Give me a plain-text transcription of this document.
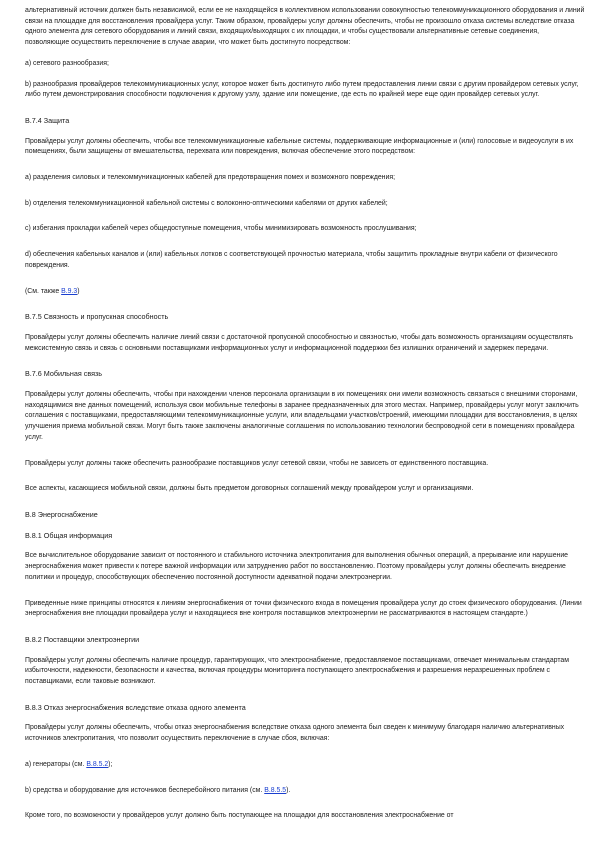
альтернативный источник должен быть независимой, если ее не находящейся в коллективном использовании совокупностью телекоммуникационного оборудования и линий связи на площадке для восстановления провайдера услуг. Таким образом, провайдеры услуг должны обеспечить, чтобы не произошло отказа системы вследствие отказа одного элемента для сетевого оборудования и линий связи, входящих/выходящих с их площадки, и чтобы существовали альтернативные сетевые соединения, позволяющие осуществить переключение в случае аварии, что может быть достигнуто посредством:

a) сетевого разнообразия;

b) разнообразия провайдеров телекоммуникационных услуг, которое может быть достигнуто либо путем предоставления линии связи с другим провайдером сетевых услуг, либо путем демонстрирования способности подключения к другому узлу, здание или помещение, где есть по крайней мере еще один провайдер сетевых услуг.

B.7.4 Защита

Провайдеры услуг должны обеспечить, чтобы все телекоммуникационные кабельные системы, поддерживающие информационные и (или) голосовые и видеоуслуги в их помещениях, были защищены от вмешательства, перехвата или повреждения, включая обеспечение этого посредством:

a) разделения силовых и телекоммуникационных кабелей для предотвращения помех и возможного повреждения;

b) отделения телекоммуникационной кабельной системы с волоконно-оптическими кабелями от других кабелей;

c) избегания прокладки кабелей через общедоступные помещения, чтобы минимизировать возможность прослушивания;

d) обеспечения кабельных каналов и (или) кабельных лотков с соответствующей прочностью материала, чтобы защитить прокладные внутри кабели от физического повреждения.

(См. также B.9.3)

B.7.5 Связность и пропускная способность

Провайдеры услуг должны обеспечить наличие линий связи с достаточной пропускной способностью и связностью, чтобы дать возможность организациям осуществлять межсистемную связь и связь с основными поставщиками информационных услуг и информационной поддержки без излишних ограничений и задержек передачи.

B.7.6 Мобильная связь

Провайдеры услуг должны обеспечить, чтобы при нахождении членов персонала организации в их помещениях они имели возможность связаться с внешними сторонами, находящимися вне данных помещений, используя свои мобильные телефоны в заранее предназначенных для этого местах. Например, провайдеры услуг могут заключить соглашения с поставщиками, предоставляющими телекоммуникационные услуги, или владельцами участков/строений, имеющими площадки для восстановления, в целях улучшения приема мобильной связи. Могут быть также заключены аналогичные соглашения по использованию технологии беспроводной сети в помещениях провайдера услуг.

Провайдеры услуг должны также обеспечить разнообразие поставщиков услуг сетевой связи, чтобы не зависеть от единственного поставщика.

Все аспекты, касающиеся мобильной связи, должны быть предметом договорных соглашений между провайдером услуг и организациями.

B.8 Энергоснабжение

B.8.1 Общая информация

Все вычислительное оборудование зависит от постоянного и стабильного источника электропитания для выполнения обычных операций, а прерывание или нарушение энергоснабжения может привести к потере важной информации или затруднению работ по восстановлению. Поэтому провайдеры услуг должны обеспечить внедрение политики и процедур, способствующих обеспечению постоянной доступности адекватной подачи электроэнергии.

Приведенные ниже принципы относятся к линиям энергоснабжения от точки физического входа в помещения провайдера услуг до стоек физического оборудования. (Линии энергоснабжения вне площадки провайдера услуг и находящиеся вне контроля поставщиков электроэнергии не рассматриваются в настоящем стандарте.)

B.8.2 Поставщики электроэнергии

Провайдеры услуг должны обеспечить наличие процедур, гарантирующих, что электроснабжение, предоставляемое поставщиками, отвечает минимальным стандартам избыточности, надежности, безопасности и качества, включая процедуры мониторинга поступающего электроснабжения и разрешения неразрешенных проблем с поставщиками, если таковые возникают.

B.8.3 Отказ энергоснабжения вследствие отказа одного элемента

Провайдеры услуг должны обеспечить, чтобы отказ энергоснабжения вследствие отказа одного элемента был сведен к минимуму благодаря наличию альтернативных источников электропитания, что позволит осуществить переключение в случае сбоя, включая:

a) генераторы (см. B.8.5.2);

b) средства и оборудование для источников бесперебойного питания (см. B.8.5.5).

Кроме того, по возможности у провайдеров услуг должно быть поступающее на площадки для восстановления электроснабжение от
